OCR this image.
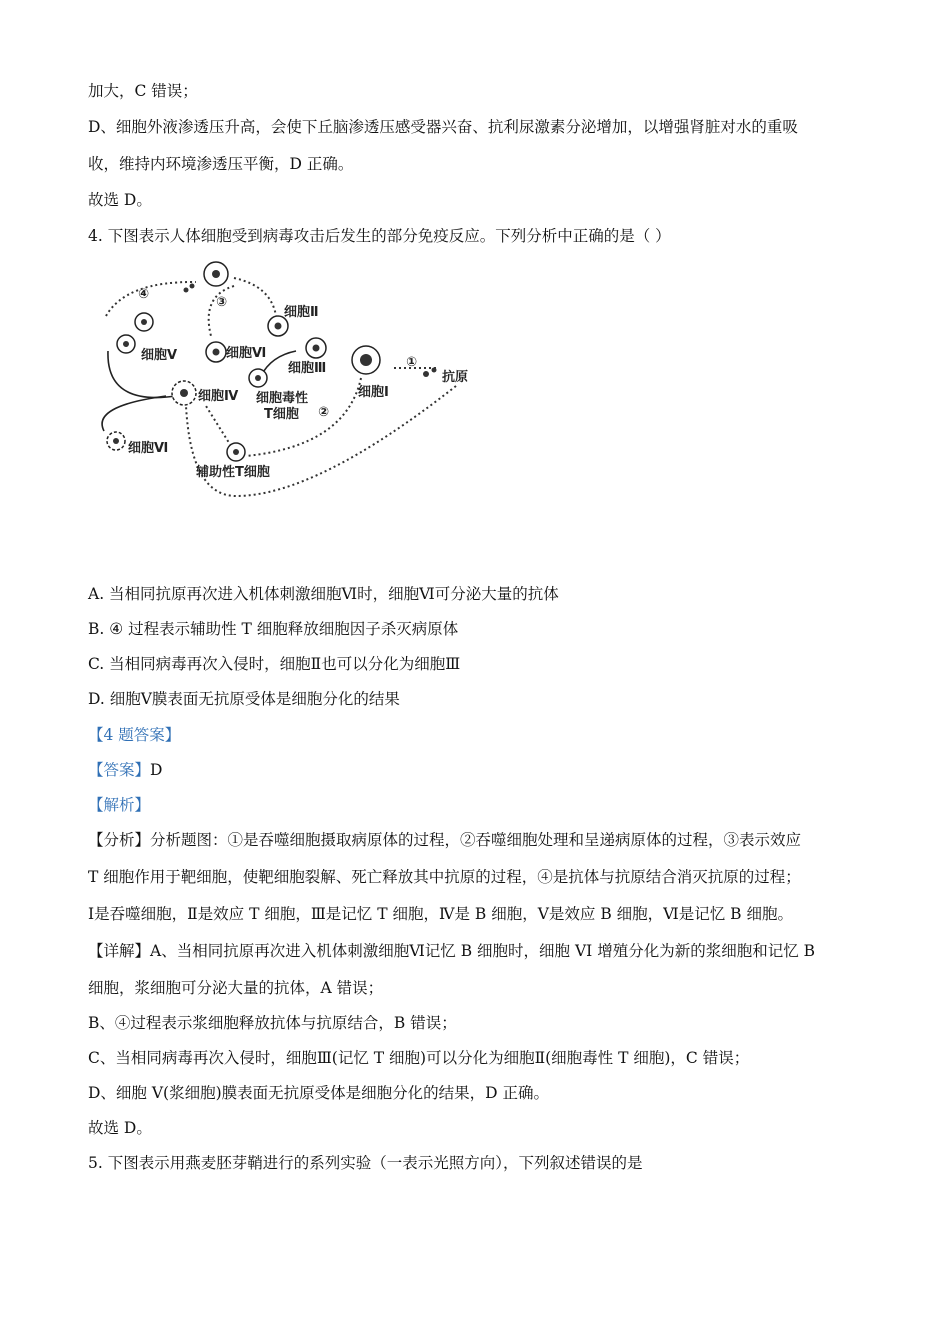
加大，C 错误；
D、细胞外液渗透压升高，会使下丘脑渗透压感受器兴奋、抗利尿激素分泌增加，以增强肾脏对水的重吸
收，维持内环境渗透压平衡，D 正确。
故选 D。
4. 下图表示人体细胞受到病毒攻击后发生的部分免疫反应。下列分析中正确的是（ ）
细胞Ⅱ
细胞Ⅴ	细胞Ⅵ
细胞Ⅲ
细胞Ⅳ 细胞毒性
T细胞
细胞Ⅰ
抗原
细胞Ⅵ
辅助性T细胞
①
②
③
④
A. 当相同抗原再次进入机体刺激细胞Ⅵ时，细胞Ⅵ可分泌大量的抗体
B. ④ 过程表示辅助性 T 细胞释放细胞因子杀灭病原体
C. 当相同病毒再次入侵时，细胞Ⅱ也可以分化为细胞Ⅲ
D. 细胞Ⅴ膜表面无抗原受体是细胞分化的结果
【4 题答案】
【答案】D
【解析】
【分析】分析题图：①是吞噬细胞摄取病原体的过程，②吞噬细胞处理和呈递病原体的过程，③表示效应
T 细胞作用于靶细胞，使靶细胞裂解、死亡释放其中抗原的过程，④是抗体与抗原结合消灭抗原的过程；
Ⅰ是吞噬细胞，Ⅱ是效应 T 细胞，Ⅲ是记忆 T 细胞，Ⅳ是 B 细胞，Ⅴ是效应 B 细胞，Ⅵ是记忆 B 细胞。
【详解】A、当相同抗原再次进入机体刺激细胞Ⅵ记忆 B 细胞时，细胞 VI 增殖分化为新的浆细胞和记忆 B
细胞，浆细胞可分泌大量的抗体，A 错误；
B、④过程表示浆细胞释放抗体与抗原结合，B 错误；
C、当相同病毒再次入侵时，细胞Ⅲ(记忆 T 细胞)可以分化为细胞Ⅱ(细胞毒性 T 细胞)，C 错误；
D、细胞 V(浆细胞)膜表面无抗原受体是细胞分化的结果，D 正确。
故选 D。
5. 下图表示用燕麦胚芽鞘进行的系列实验（一表示光照方向），下列叙述错误的是
